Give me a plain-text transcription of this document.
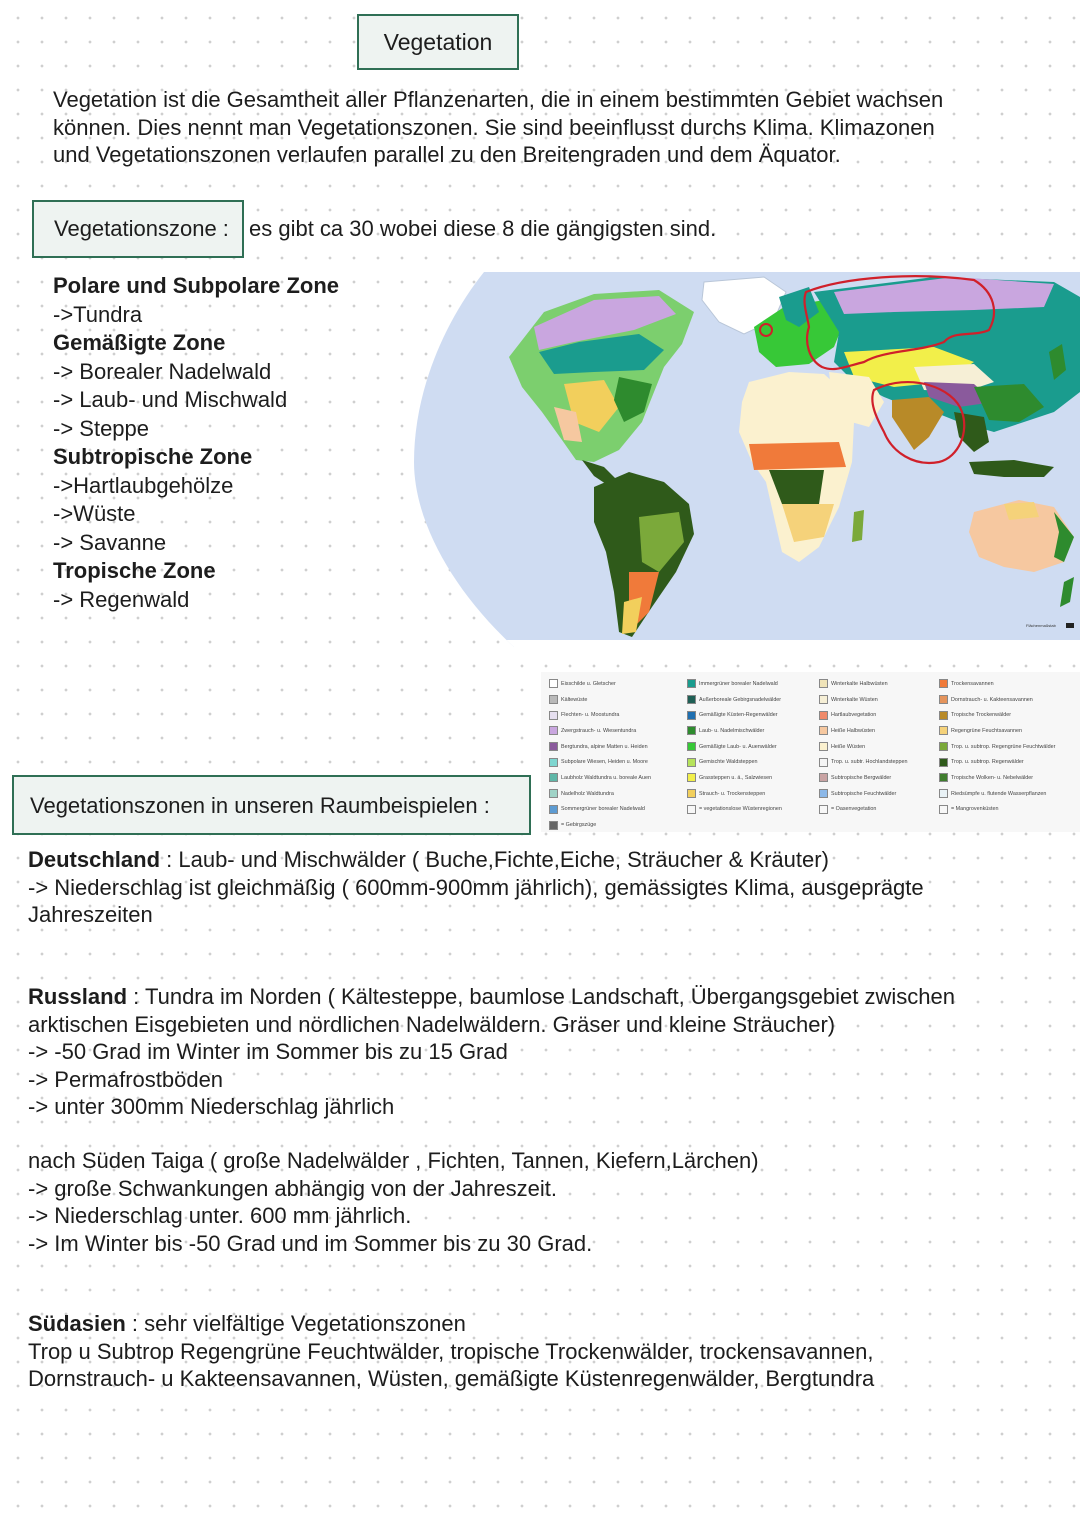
Vegetation
Vegetation ist die Gesamtheit aller Pflanzenarten, die in einem bestimmten Gebiet wachsen
können. Dies nennt man Vegetationszonen. Sie sind beeinflusst durchs Klima. Klimazonen
und Vegetationszonen verlaufen parallel zu den Breitengraden und dem Äquator.
Vegetationszone : es gibt ca 30 wobei diese 8 die gängigsten sind.
Polare und Subpolare Zone
->Tundra
Gemäßigte Zone
-> Borealer Nadelwald
-> Laub- und Mischwald
-> Steppe
Subtropische Zone
->Hartlaubgehölze
->Wüste
-> Savanne
Tropische Zone
-> Regenwald
Flächenmaßstab
Eisschilde u. Gletscher
Kältewüste
Flechten- u. Moostundra
Zwergstrauch- u. Wiesentundra
Bergtundra, alpine Matten u. Heiden
Subpolare Wiesen, Heiden u. Moore
Laubholz Waldtundra u. boreale Auen
Nadelholz Waldtundra
Sommergrüner borealer Nadelwald
= Gebirgszüge
Immergrüner borealer Nadelwald
Außerboreale Gebirgsnadelwälder
Gemäßigte Küsten-Regenwälder
Laub- u. Nadelmischwälder
Gemäßigte Laub- u. Auenwälder
Gemischte Waldsteppen
Grassteppen u. ä., Salzwiesen
Strauch- u. Trockensteppen
= vegetationslose Wüstenregionen
Winterkalte Halbwüsten
Winterkalte Wüsten
Hartlaubvegetation
Heiße Halbwüsten
Heiße Wüsten
Trop. u. subtr. Hochlandsteppen
Subtropische Bergwälder
Subtropische Feuchtwälder
= Oasenvegetation
Trockensavannen
Dornstrauch- u. Kakteensavannen
Tropische Trockenwälder
Regengrüne Feuchtsavannen
Trop. u. subtrop. Regengrüne Feuchtwälder
Trop. u. subtrop. Regenwälder
Tropische Wolken- u. Nebelwälder
Riedsümpfe u. flutende Wasserpflanzen
= Mangrovenküsten
Vegetationszonen in unseren Raumbeispielen :
Deutschland : Laub- und Mischwälder ( Buche,Fichte,Eiche, Sträucher & Kräuter)
-> Niederschlag ist gleichmäßig ( 600mm-900mm jährlich), gemässigtes Klima, ausgeprägte
Jahreszeiten
Russland : Tundra im Norden ( Kältesteppe, baumlose Landschaft, Übergangsgebiet zwischen
arktischen Eisgebieten und nördlichen Nadelwäldern. Gräser und kleine Sträucher)
-> -50 Grad im Winter im Sommer bis zu 15 Grad
-> Permafrostböden
-> unter 300mm Niederschlag jährlich
nach Süden Taiga ( große Nadelwälder , Fichten, Tannen, Kiefern,Lärchen)
-> große Schwankungen abhängig von der Jahreszeit.
-> Niederschlag unter. 600 mm jährlich.
-> Im Winter bis -50 Grad und im Sommer bis zu 30 Grad.
Südasien : sehr vielfältige Vegetationszonen
Trop u Subtrop Regengrüne Feuchtwälder, tropische Trockenwälder, trockensavannen,
Dornstrauch- u Kakteensavannen, Wüsten, gemäßigte Küstenregenwälder, Bergtundra
